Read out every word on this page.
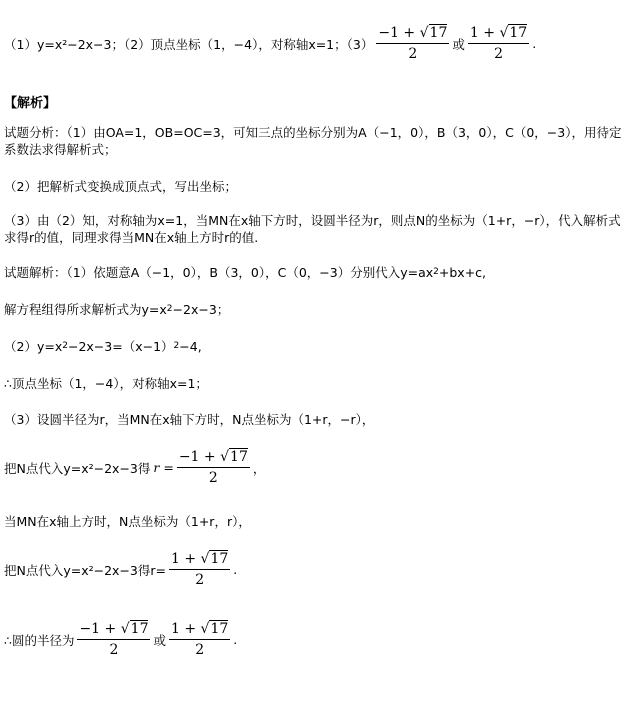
（1）y=x²−2x−3；（2）顶点坐标（1，−4），对称轴x=1；$(3) \frac{-1 + √17}{2}$ 或 $\frac{1 + √17}{2}$ .
【解析】
试题分析：（1）由OA=1，OB=OC=3，可知三点的坐标分别为A（−1，0），B（3，0），C（0，−3），用待定系数法求得解析式；
（2）把解析式变换成顶点式，写出坐标；
（3）由（2）知，对称轴为x=1，当MN在x轴下方时，设圆半径为r，则点N的坐标为（1+r，−r），代入解析式求得r的值，同理求得当MN在x轴上方时r的值.
试题解析：（1）依题意A（−1，0），B（3，0），C（0，−3）分别代入y=ax 2 +bx+c,
解方程组得所求解析式为y=x 2 −2x−3；
（2）y=x 2 −2x−3=（x−1） 2 −4,
∴顶点坐标（1，−4），对称轴x=1；
（3）设圆半径为r，当MN在x轴下方时，N点坐标为（1+r，−r），
把N点代入y=x²−2x−3得 $r = \frac{-1 + √17}{2}$ ，
当MN在x轴上方时，N点坐标为（1+r，r），
把N点代入y=x²−2x−3得$r= \frac{1 + √17}{2}$ .
∴圆的半径为 $\frac{-1 + √17}{2}$ 或 $\frac{1 + √17}{2}$ .
